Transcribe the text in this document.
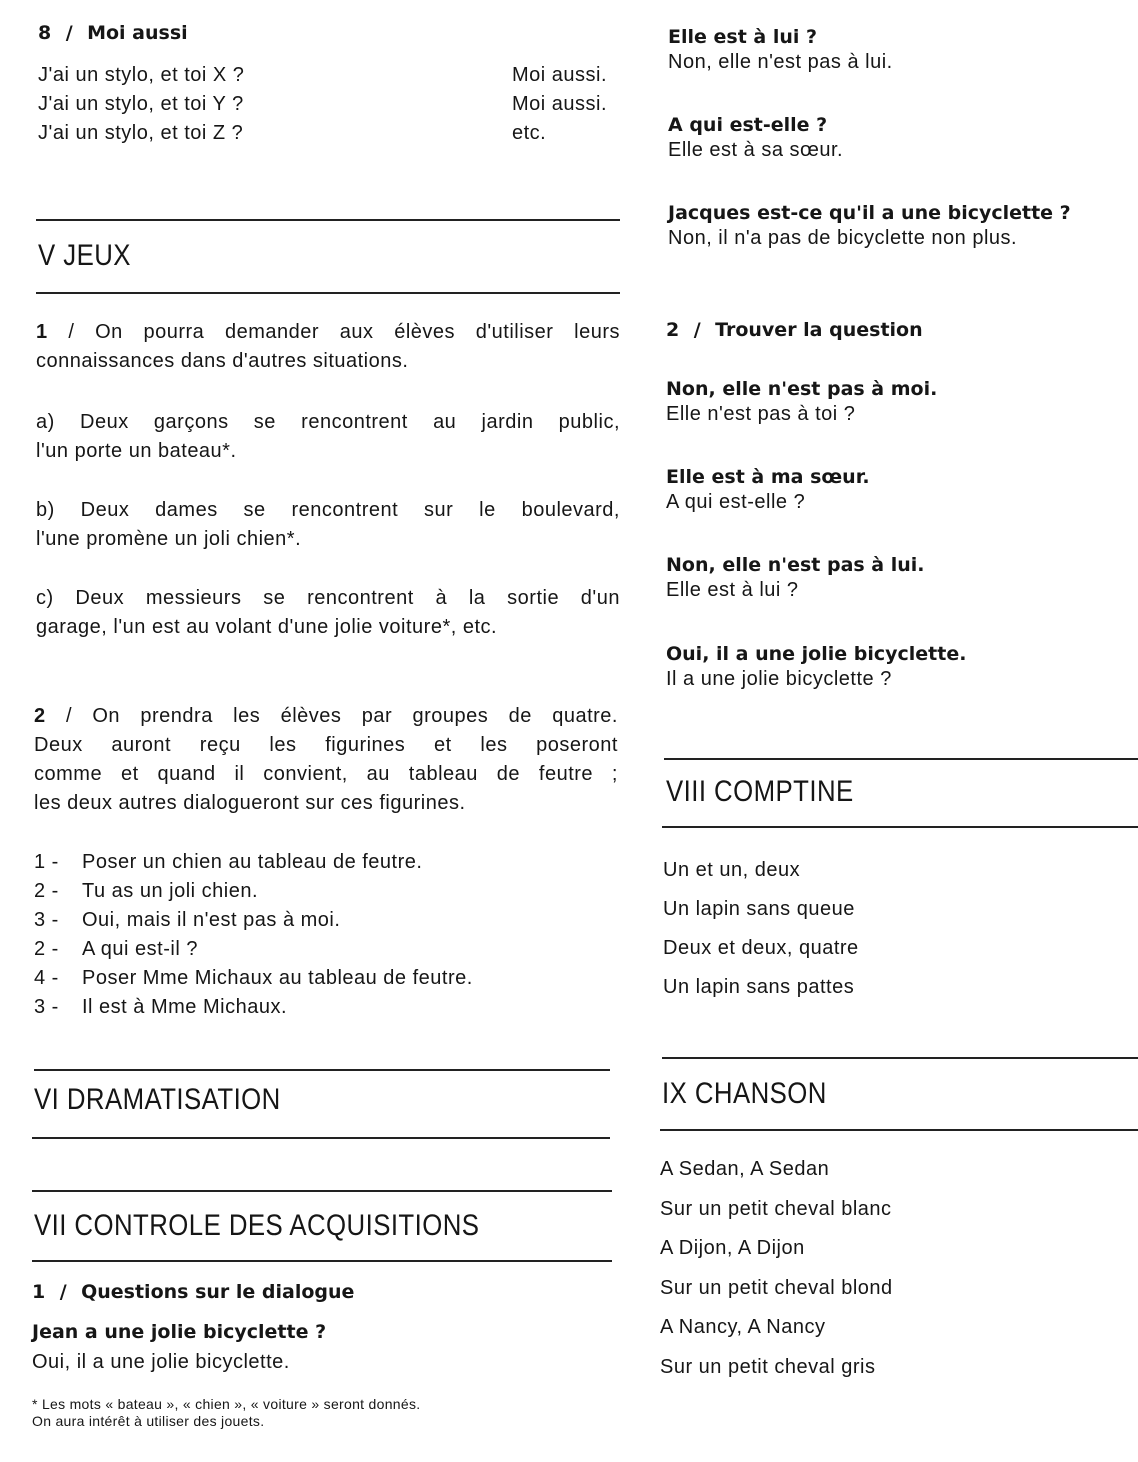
8 / Moi aussi
J'ai un stylo, et toi X ?	Moi aussi.
J'ai un stylo, et toi Y ?	Moi aussi.
J'ai un stylo, et toi Z ?	etc.
V JEUX
1 / On pourra demander aux élèves d'utiliser leurs
connaissances dans d'autres situations.
a) Deux garçons se rencontrent au jardin public,
l'un porte un bateau*.
b) Deux dames se rencontrent sur le boulevard,
l'une promène un joli chien*.
c) Deux messieurs se rencontrent à la sortie d'un
garage, l'un est au volant d'une jolie voiture*, etc.
2 / On prendra les élèves par groupes de quatre.
Deux auront reçu les figurines et les poseront
comme et quand il convient, au tableau de feutre ;
les deux autres dialogueront sur ces figurines.
1 - Poser un chien au tableau de feutre.
2 - Tu as un joli chien.
3 - Oui, mais il n'est pas à moi.
2 - A qui est-il ?
4 - Poser Mme Michaux au tableau de feutre.
3 - Il est à Mme Michaux.
VI DRAMATISATION
VII CONTROLE DES ACQUISITIONS
1 / Questions sur le dialogue
Jean a une jolie bicyclette ?
Oui, il a une jolie bicyclette.
* Les mots « bateau », « chien », « voiture » seront donnés.
On aura intérêt à utiliser des jouets.
Elle est à lui ?
Non, elle n'est pas à lui.
A qui est-elle ?
Elle est à sa sœur.
Jacques est-ce qu'il a une bicyclette ?
Non, il n'a pas de bicyclette non plus.
2 / Trouver la question
Non, elle n'est pas à moi.
Elle n'est pas à toi ?
Elle est à ma sœur.
A qui est-elle ?
Non, elle n'est pas à lui.
Elle est à lui ?
Oui, il a une jolie bicyclette.
Il a une jolie bicyclette ?
VIII COMPTINE
Un et un, deux
Un lapin sans queue
Deux et deux, quatre
Un lapin sans pattes
IX CHANSON
A Sedan, A Sedan
Sur un petit cheval blanc
A Dijon, A Dijon
Sur un petit cheval blond
A Nancy, A Nancy
Sur un petit cheval gris
